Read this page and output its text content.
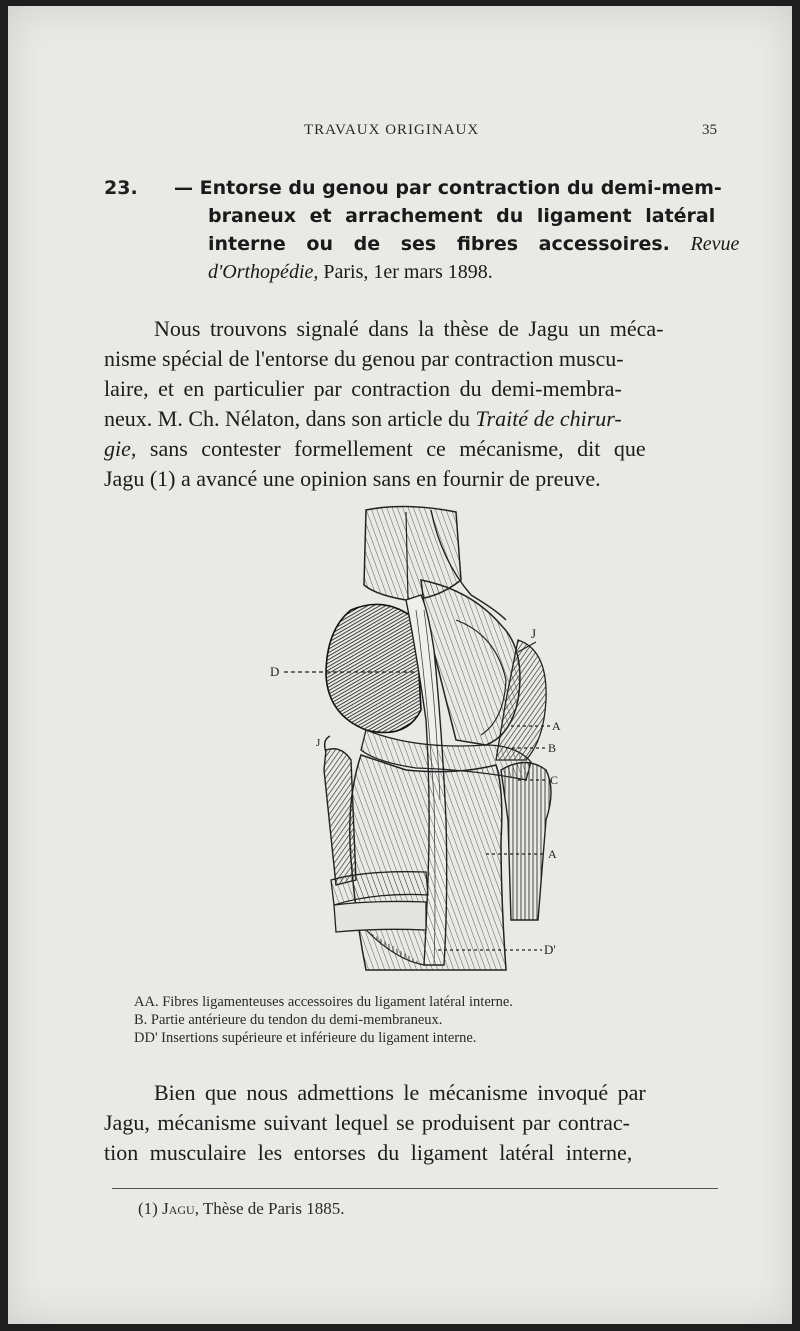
TRAVAUX ORIGINAUX	35
23. — Entorse du genou par contraction du demi-mem-
braneux et arrachement du ligament latéral
interne ou de ses fibres accessoires. Revue
d'Orthopédie, Paris, 1er mars 1898.
Nous trouvons signalé dans la thèse de Jagu un méca-
nisme spécial de l'entorse du genou par contraction muscu-
laire, et en particulier par contraction du demi-membra-
neux. M. Ch. Nélaton, dans son article du Traité de chirur-
gie, sans contester formellement ce mécanisme, dit que
Jagu (1) a avancé une opinion sans en fournir de preuve.
D
J
A
B
C
A
D'
J
AA. Fibres ligamenteuses accessoires du ligament latéral interne.
B. Partie antérieure du tendon du demi-membraneux.
DD' Insertions supérieure et inférieure du ligament interne.
Bien que nous admettions le mécanisme invoqué par
Jagu, mécanisme suivant lequel se produisent par contrac-
tion musculaire les entorses du ligament latéral interne,
(1) Jagu, Thèse de Paris 1885.
